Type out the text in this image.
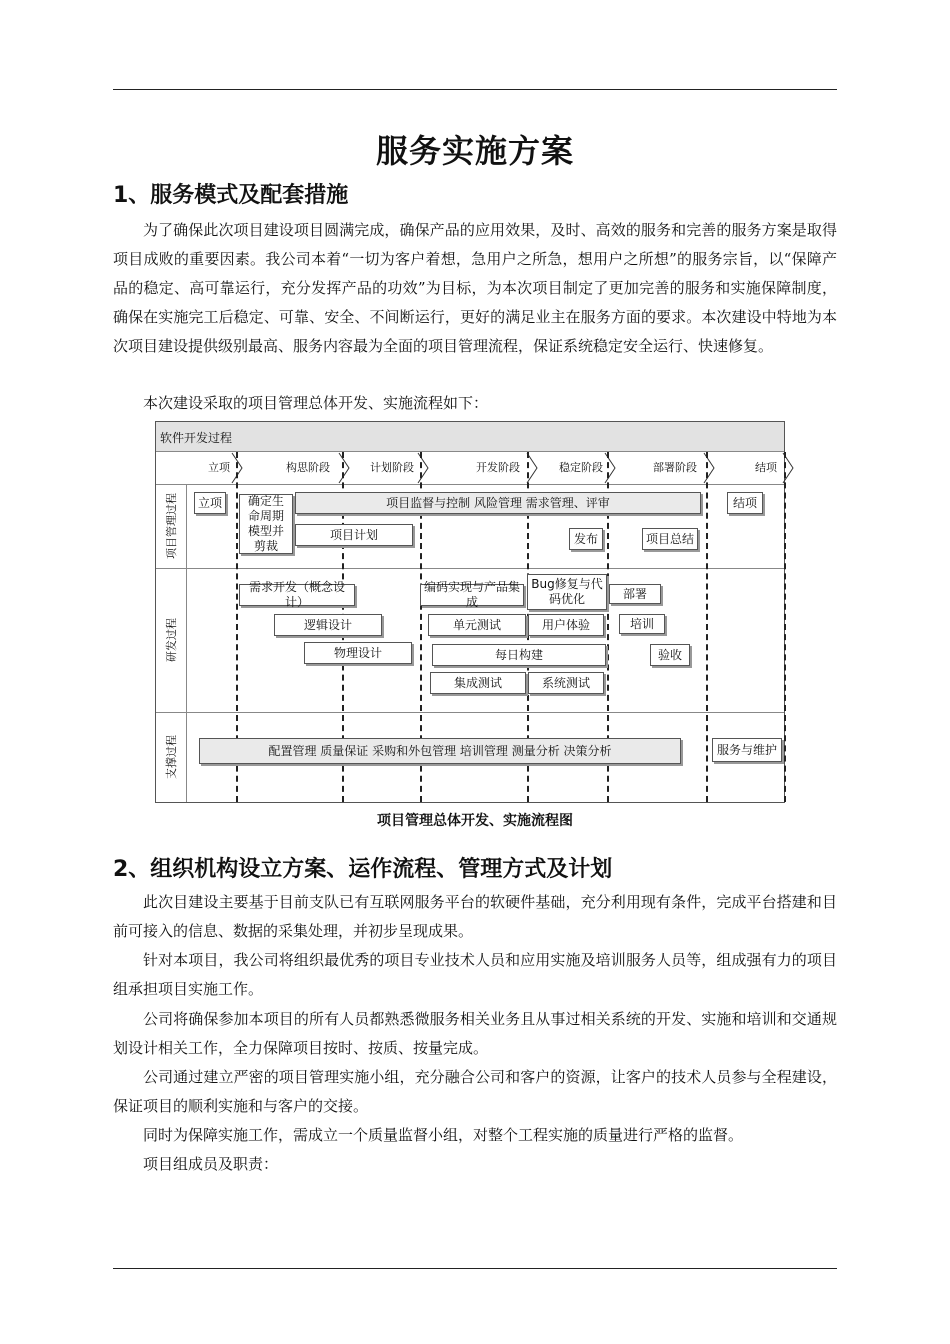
服务实施方案
1、服务模式及配套措施
为了确保此次项目建设项目圆满完成，确保产品的应用效果，及时、高效的服务和完善的服务方案是取得项目成败的重要因素。我公司本着“一切为客户着想，急用户之所急，想用户之所想”的服务宗旨，以“保障产品的稳定、高可靠运行，充分发挥产品的功效”为目标，为本次项目制定了更加完善的服务和实施保障制度，确保在实施完工后稳定、可靠、安全、不间断运行，更好的满足业主在服务方面的要求。本次建设中特地为本次项目建设提供级别最高、服务内容最为全面的项目管理流程，保证系统稳定安全运行、快速修复。
本次建设采取的项目管理总体开发、实施流程如下：
软件开发过程
立项	构思阶段	计划阶段	开发阶段	稳定阶段	部署阶段	结项
项目管理过程
研发过程
支撑过程
立项	确定生命周期模型并剪裁
项目监督与控制 风险管理 需求管理、评审
项目计划	发布	项目总结
结项
需求开发（概念设计）
逻辑设计
物理设计
编码实现与产品集成
Bug修复与代码优化	部署
单元测试	用户体验	培训
每日构建	验收
集成测试	系统测试
配置管理 质量保证 采购和外包管理 培训管理 测量分析 决策分析	服务与维护
项目管理总体开发、实施流程图
2、组织机构设立方案、运作流程、管理方式及计划
此次目建设主要基于目前支队已有互联网服务平台的软硬件基础，充分利用现有条件，完成平台搭建和目前可接入的信息、数据的采集处理，并初步呈现成果。
针对本项目，我公司将组织最优秀的项目专业技术人员和应用实施及培训服务人员等，组成强有力的项目组承担项目实施工作。
公司将确保参加本项目的所有人员都熟悉微服务相关业务且从事过相关系统的开发、实施和培训和交通规划设计相关工作，全力保障项目按时、按质、按量完成。
公司通过建立严密的项目管理实施小组，充分融合公司和客户的资源，让客户的技术人员参与全程建设，保证项目的顺利实施和与客户的交接。
同时为保障实施工作，需成立一个质量监督小组，对整个工程实施的质量进行严格的监督。
项目组成员及职责：
